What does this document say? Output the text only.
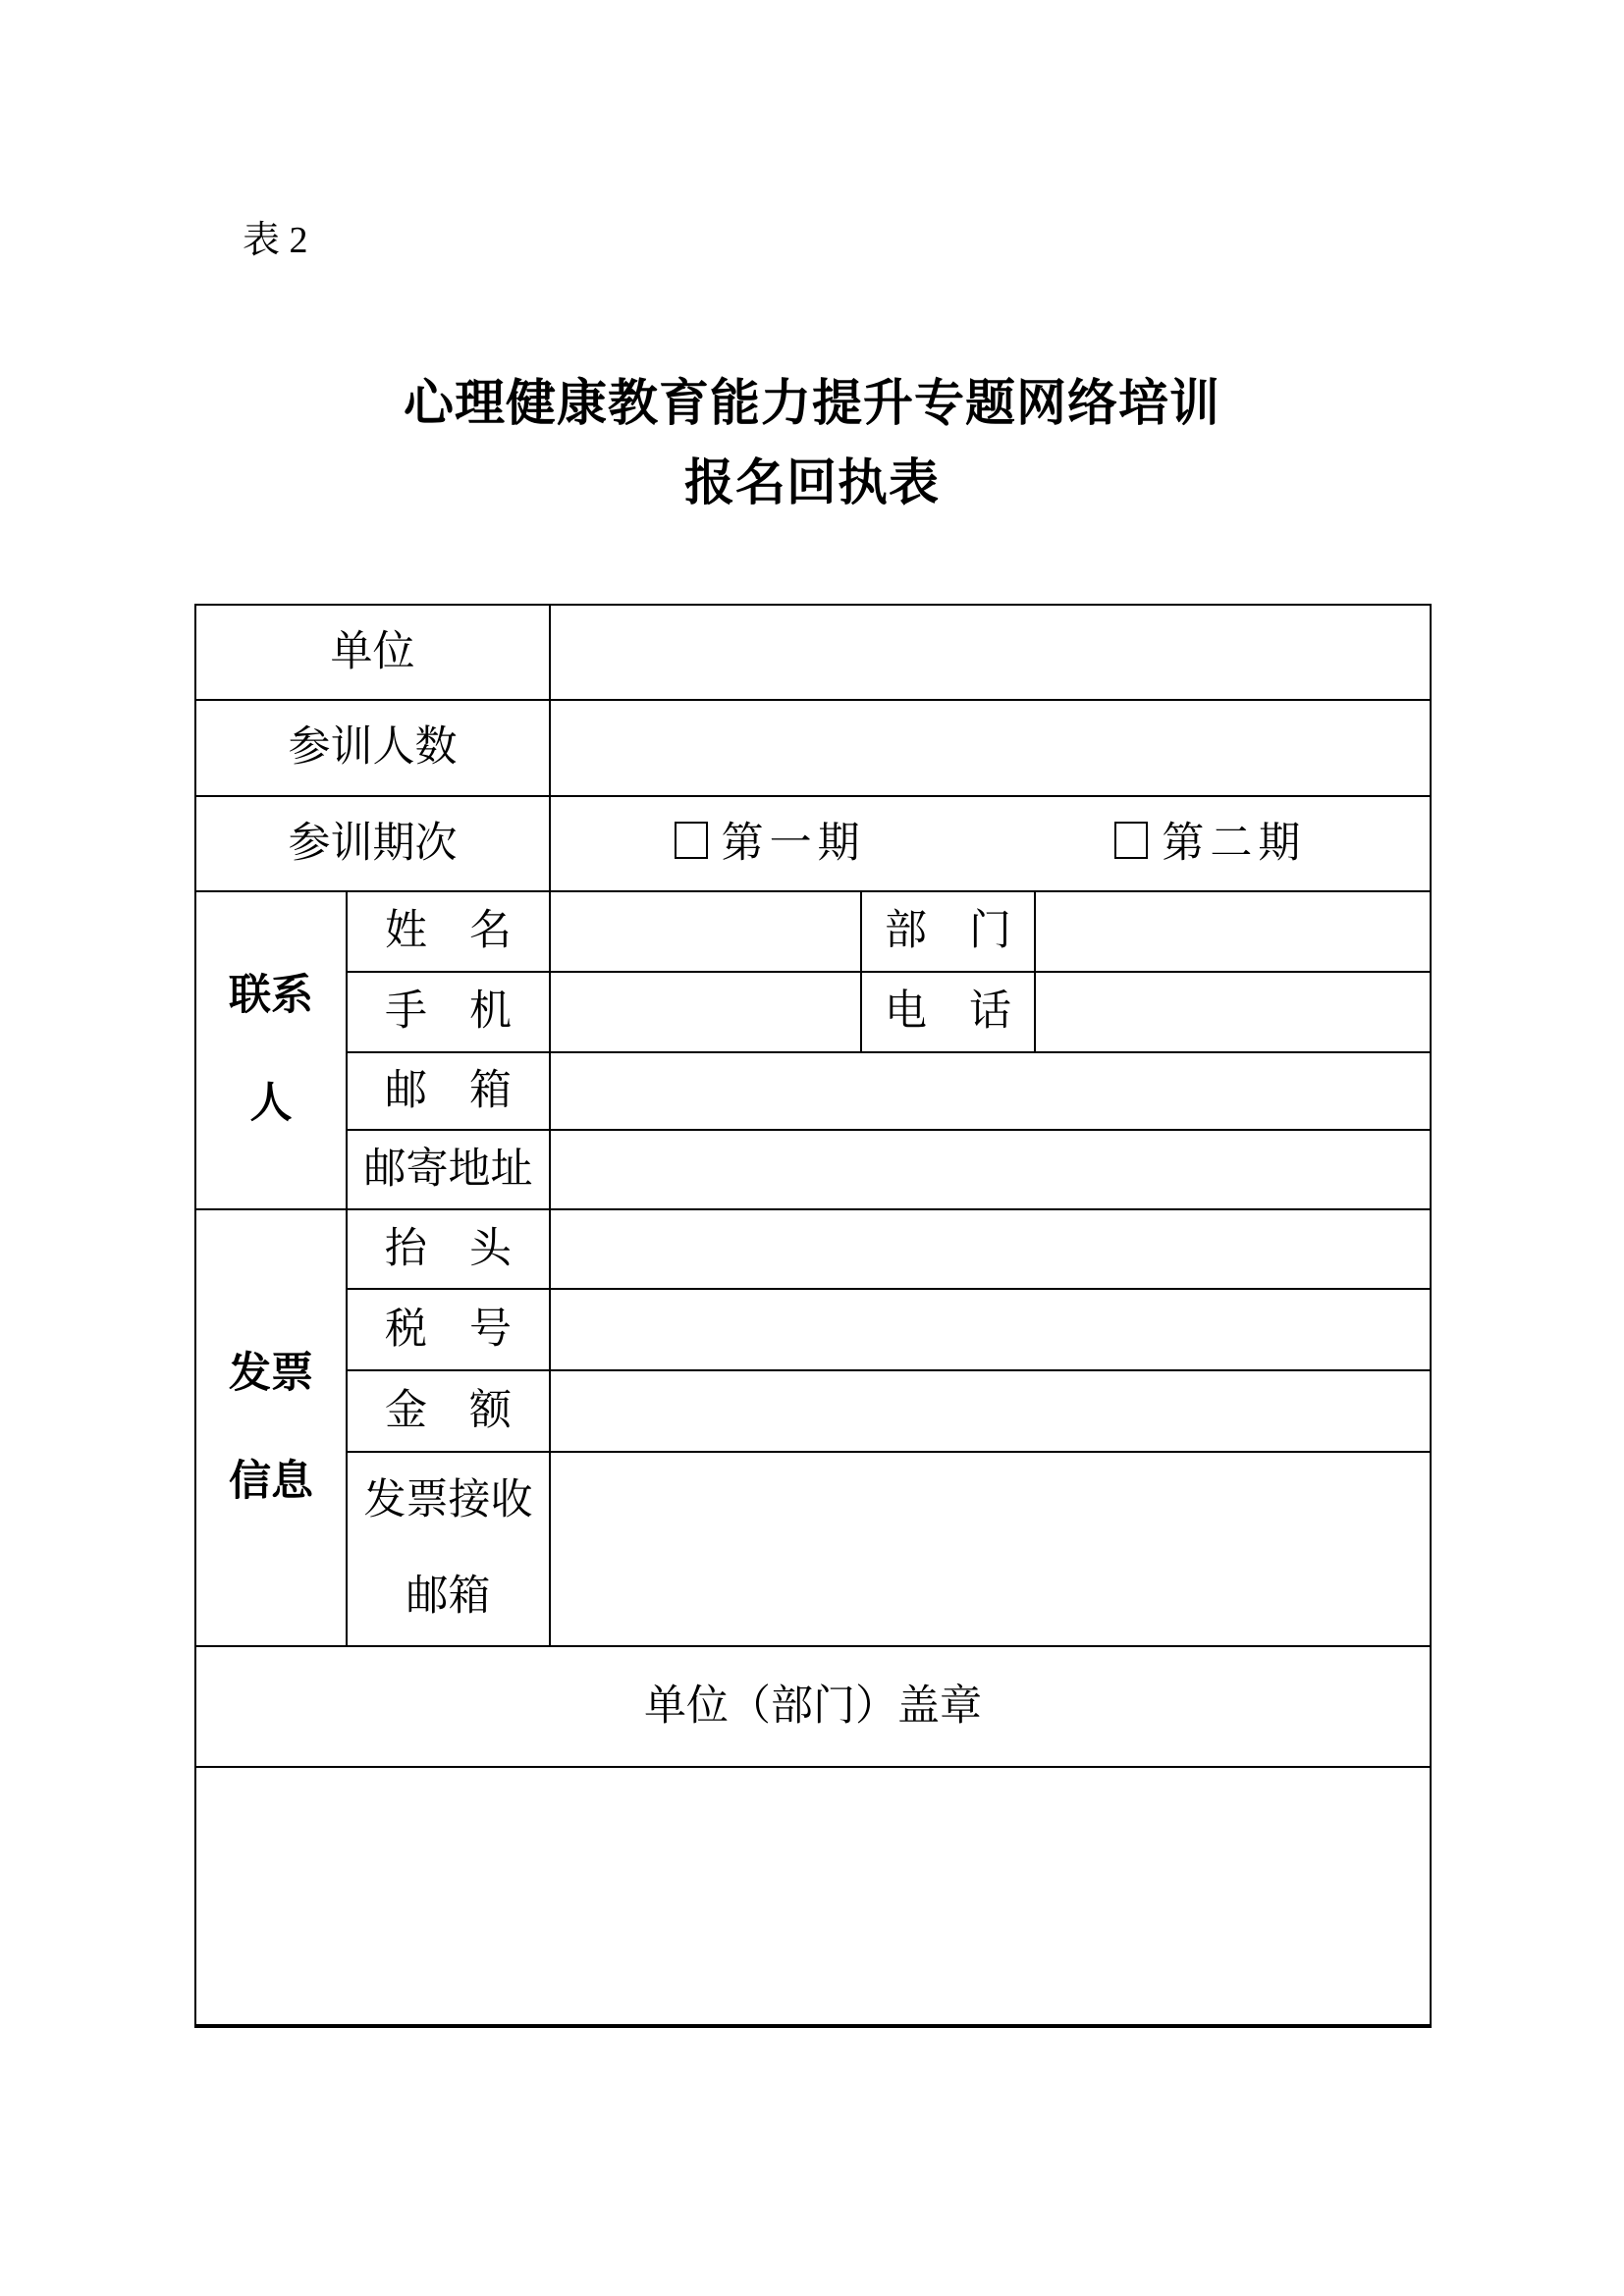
表 2
心理健康教育能力提升专题网络培训
报名回执表
单位				
参训人数				
参训期次		第一期 第二期		

联系
人	姓　名		部　门	
	手　机		电　话	
	邮　箱			
	邮寄地址			

发票
信息	抬　头			
	税　号			
	金　额			

	发票接收
邮箱			

单位（部门）盖章				
